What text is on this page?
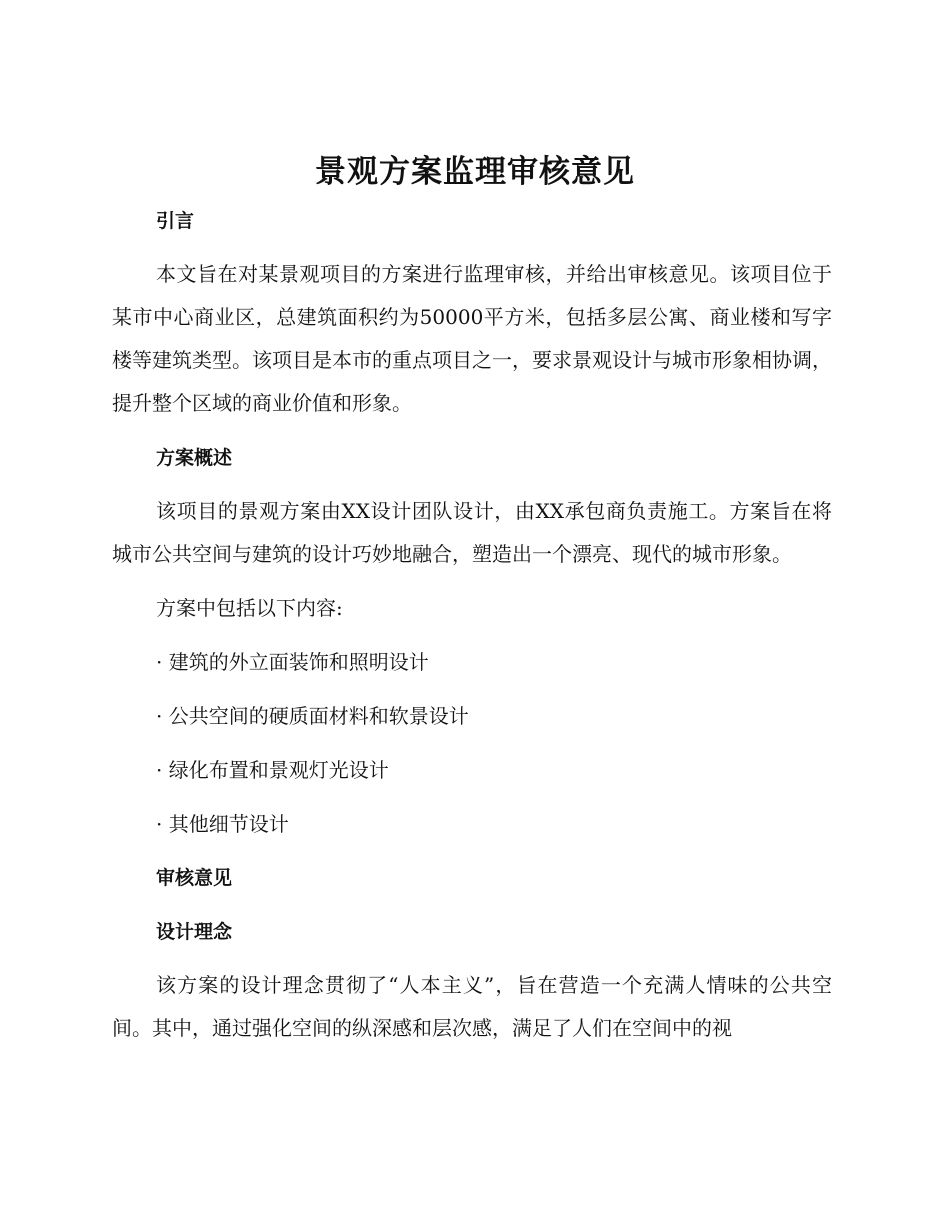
景观方案监理审核意见
引言

本文旨在对某景观项目的方案进行监理审核，并给出审核意见。该项目位于某市中心商业区，总建筑面积约为50000平方米，包括多层公寓、商业楼和写字楼等建筑类型。该项目是本市的重点项目之一，要求景观设计与城市形象相协调，提升整个区域的商业价值和形象。

方案概述

该项目的景观方案由XX设计团队设计，由XX承包商负责施工。方案旨在将城市公共空间与建筑的设计巧妙地融合，塑造出一个漂亮、现代的城市形象。

方案中包括以下内容:

· 建筑的外立面装饰和照明设计
· 公共空间的硬质面材料和软景设计
· 绿化布置和景观灯光设计
· 其他细节设计
审核意见
设计理念

该方案的设计理念贯彻了“人本主义”，旨在营造一个充满人情味的公共空间。其中，通过强化空间的纵深感和层次感，满足了人们在空间中的视
